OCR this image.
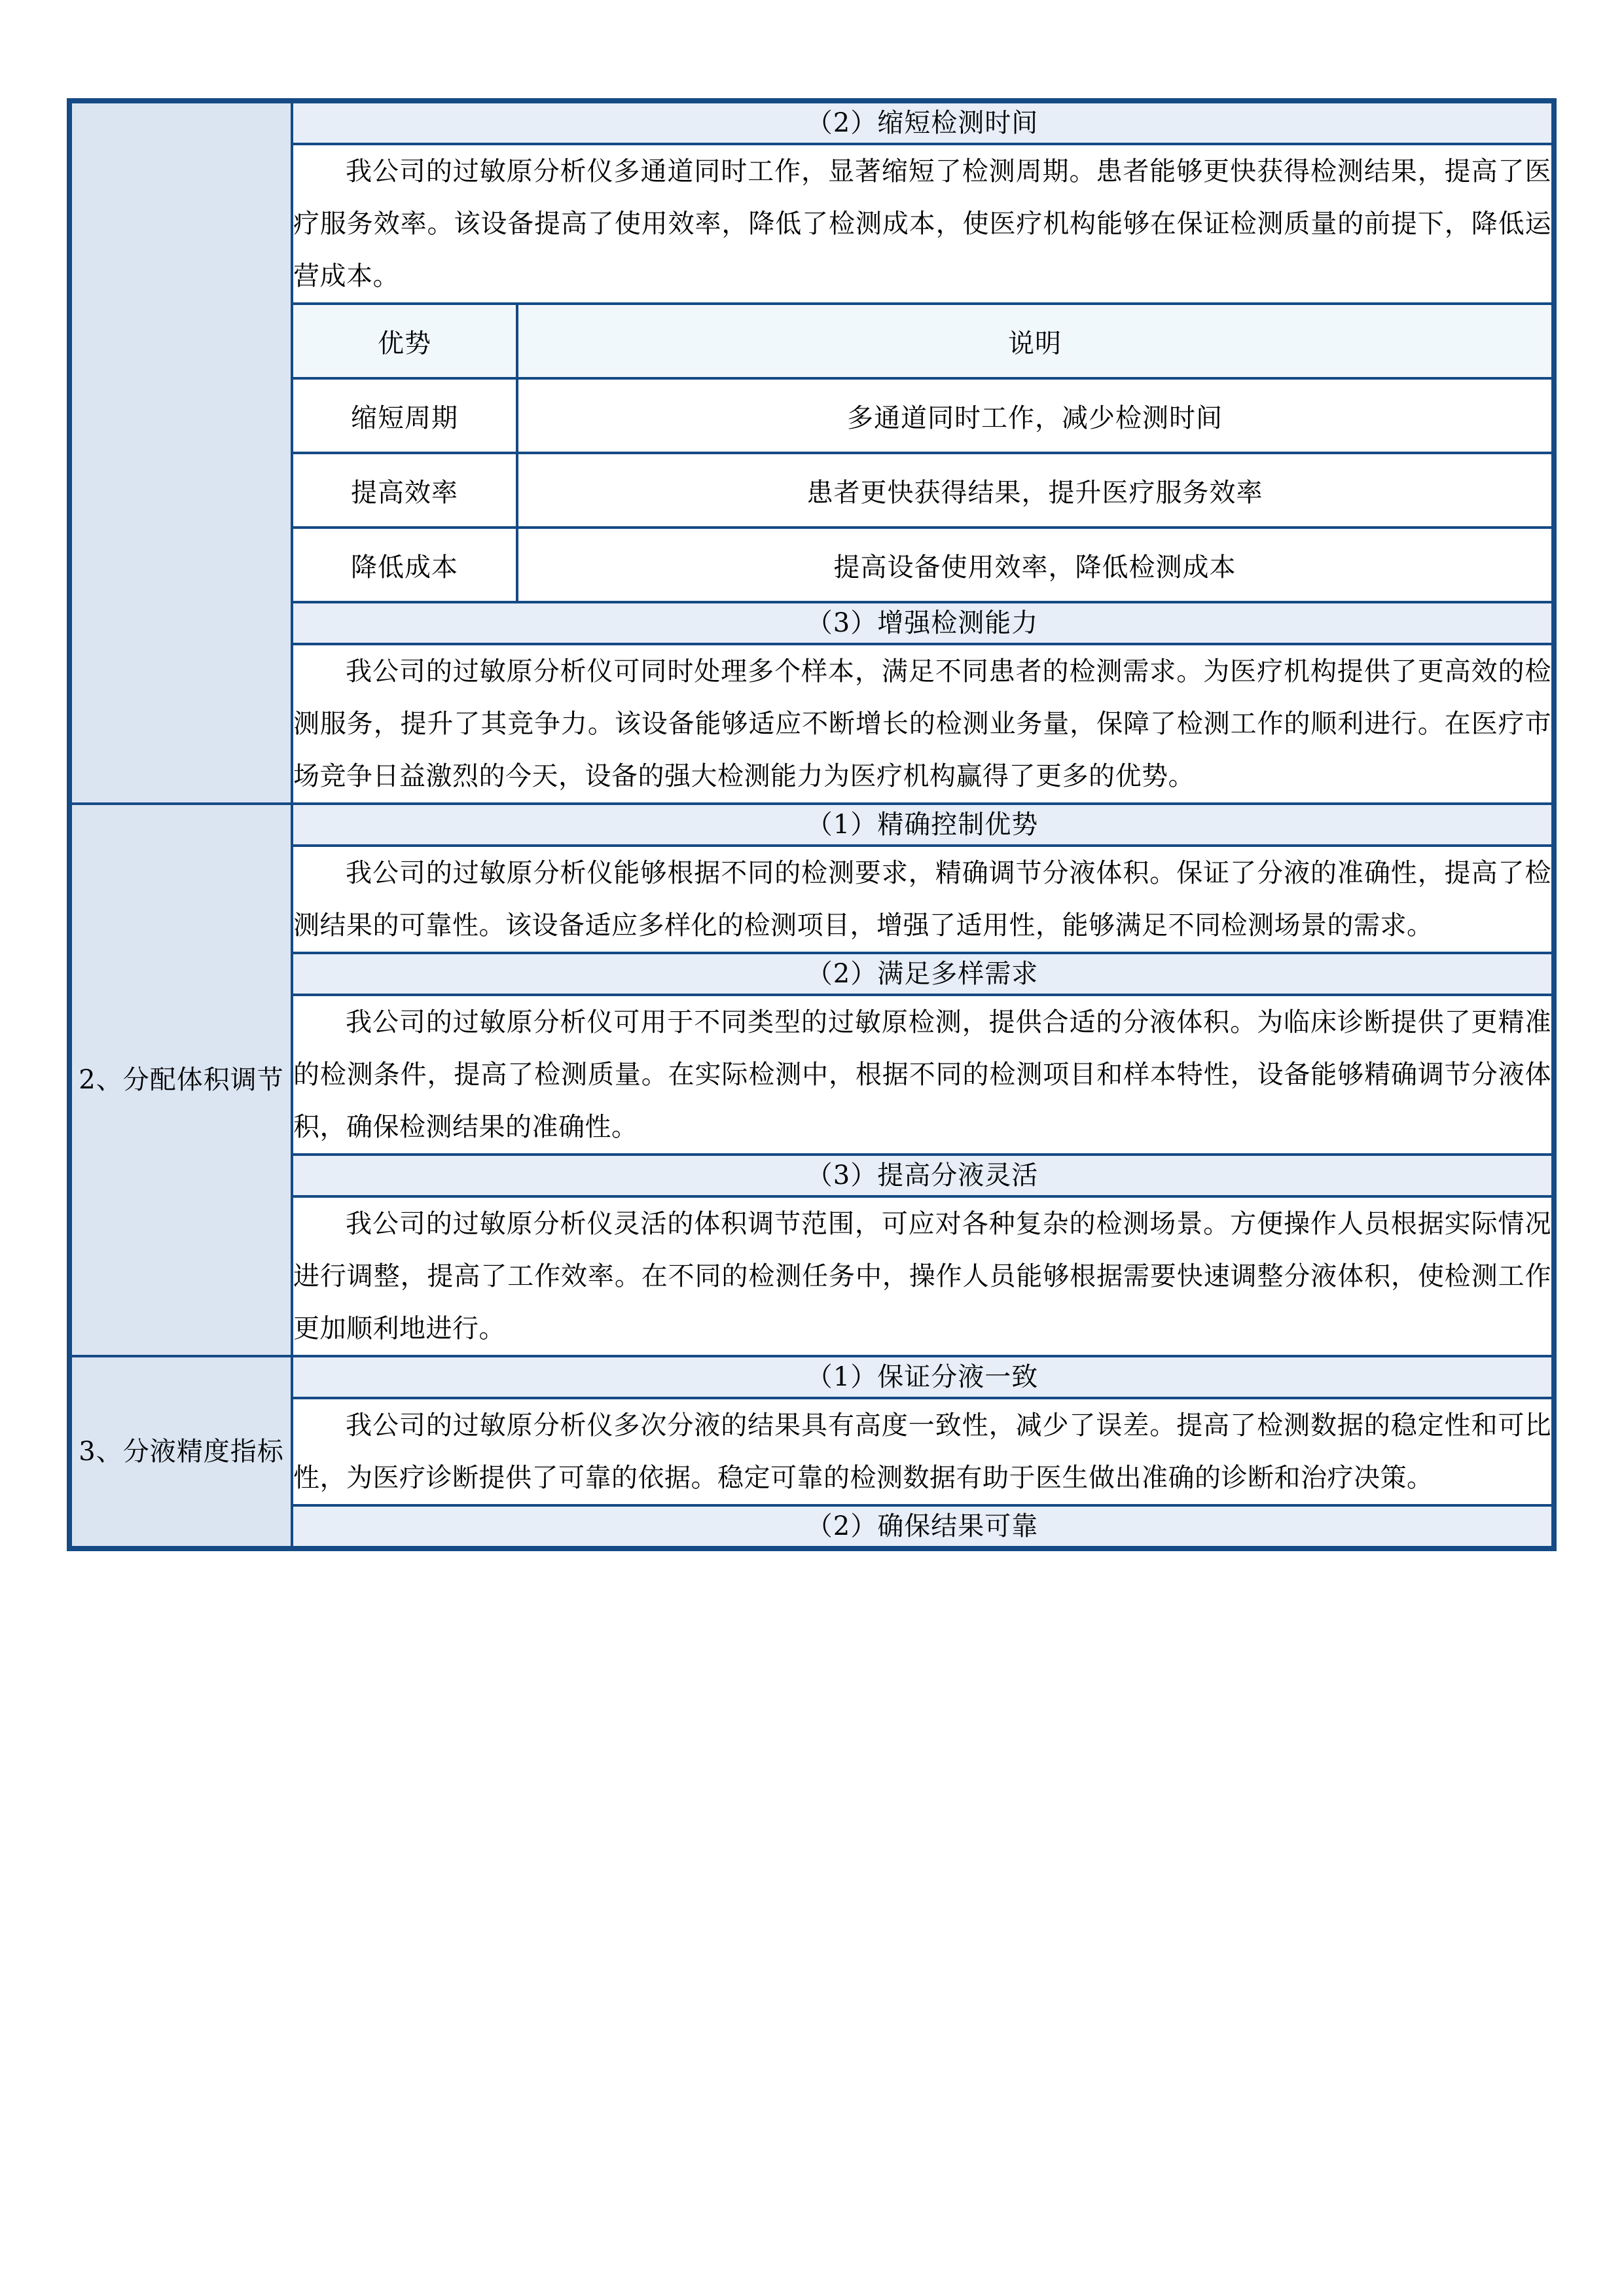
	（2）缩短检测时间

我公司的过敏原分析仪多通道同时工作，显著缩短了检测周期。患者能够更快获得检测结果，提高了医疗服务效率。该设备提高了使用效率，降低了检测成本，使医疗机构能够在保证检测质量的前提下，降低运营成本。

优势	说明
缩短周期	多通道同时工作，减少检测时间
提高效率	患者更快获得结果，提升医疗服务效率
降低成本	提高设备使用效率，降低检测成本

（3）增强检测能力

我公司的过敏原分析仪可同时处理多个样本，满足不同患者的检测需求。为医疗机构提供了更高效的检测服务，提升了其竞争力。该设备能够适应不断增长的检测业务量，保障了检测工作的顺利进行。在医疗市场竞争日益激烈的今天，设备的强大检测能力为医疗机构赢得了更多的优势。

2、分配体积调节
	（1）精确控制优势

我公司的过敏原分析仪能够根据不同的检测要求，精确调节分液体积。保证了分液的准确性，提高了检测结果的可靠性。该设备适应多样化的检测项目，增强了适用性，能够满足不同检测场景的需求。

（2）满足多样需求

我公司的过敏原分析仪可用于不同类型的过敏原检测，提供合适的分液体积。为临床诊断提供了更精准的检测条件，提高了检测质量。在实际检测中，根据不同的检测项目和样本特性，设备能够精确调节分液体积，确保检测结果的准确性。

（3）提高分液灵活

我公司的过敏原分析仪灵活的体积调节范围，可应对各种复杂的检测场景。方便操作人员根据实际情况进行调整，提高了工作效率。在不同的检测任务中，操作人员能够根据需要快速调整分液体积，使检测工作更加顺利地进行。

3、分液精度指标
	（1）保证分液一致

我公司的过敏原分析仪多次分液的结果具有高度一致性，减少了误差。提高了检测数据的稳定性和可比性，为医疗诊断提供了可靠的依据。稳定可靠的检测数据有助于医生做出准确的诊断和治疗决策。

（2）确保结果可靠
